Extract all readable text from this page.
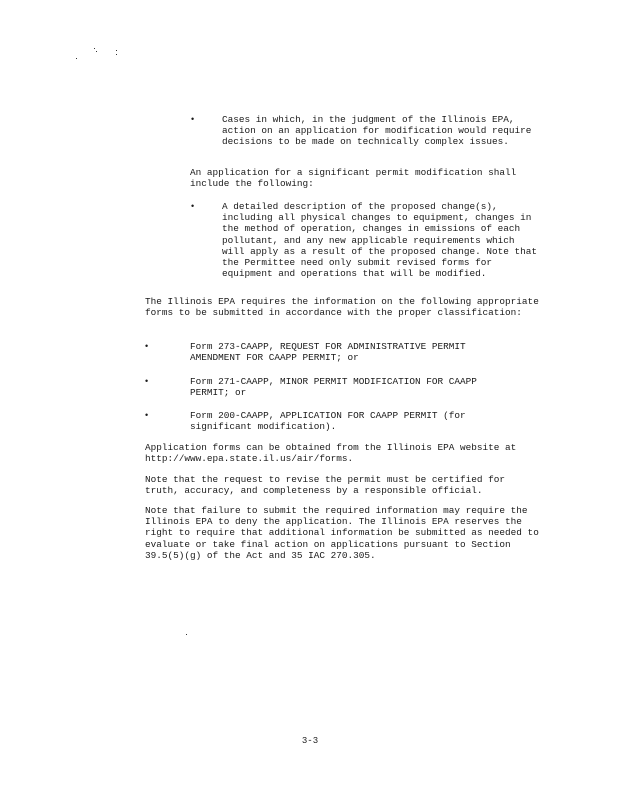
•	Cases in which, in the judgment of the Illinois EPA, action on an application for modification would require decisions to be made on technically complex issues.
An application for a significant permit modification shall include the following:
•	A detailed description of the proposed change(s), including all physical changes to equipment, changes in the method of operation, changes in emissions of each pollutant, and any new applicable requirements which will apply as a result of the proposed change. Note that the Permittee need only submit revised forms for equipment and operations that will be modified.
The Illinois EPA requires the information on the following appropriate forms to be submitted in accordance with the proper classification:
•	Form 273-CAAPP, REQUEST FOR ADMINISTRATIVE PERMIT AMENDMENT FOR CAAPP PERMIT; or
•	Form 271-CAAPP, MINOR PERMIT MODIFICATION FOR CAAPP PERMIT; or
•	Form 200-CAAPP, APPLICATION FOR CAAPP PERMIT (for significant modification).
Application forms can be obtained from the Illinois EPA website at http://www.epa.state.il.us/air/forms.
Note that the request to revise the permit must be certified for truth, accuracy, and completeness by a responsible official.
Note that failure to submit the required information may require the Illinois EPA to deny the application. The Illinois EPA reserves the right to require that additional information be submitted as needed to evaluate or take final action on applications pursuant to Section 39.5(5)(g) of the Act and 35 IAC 270.305.
3-3
